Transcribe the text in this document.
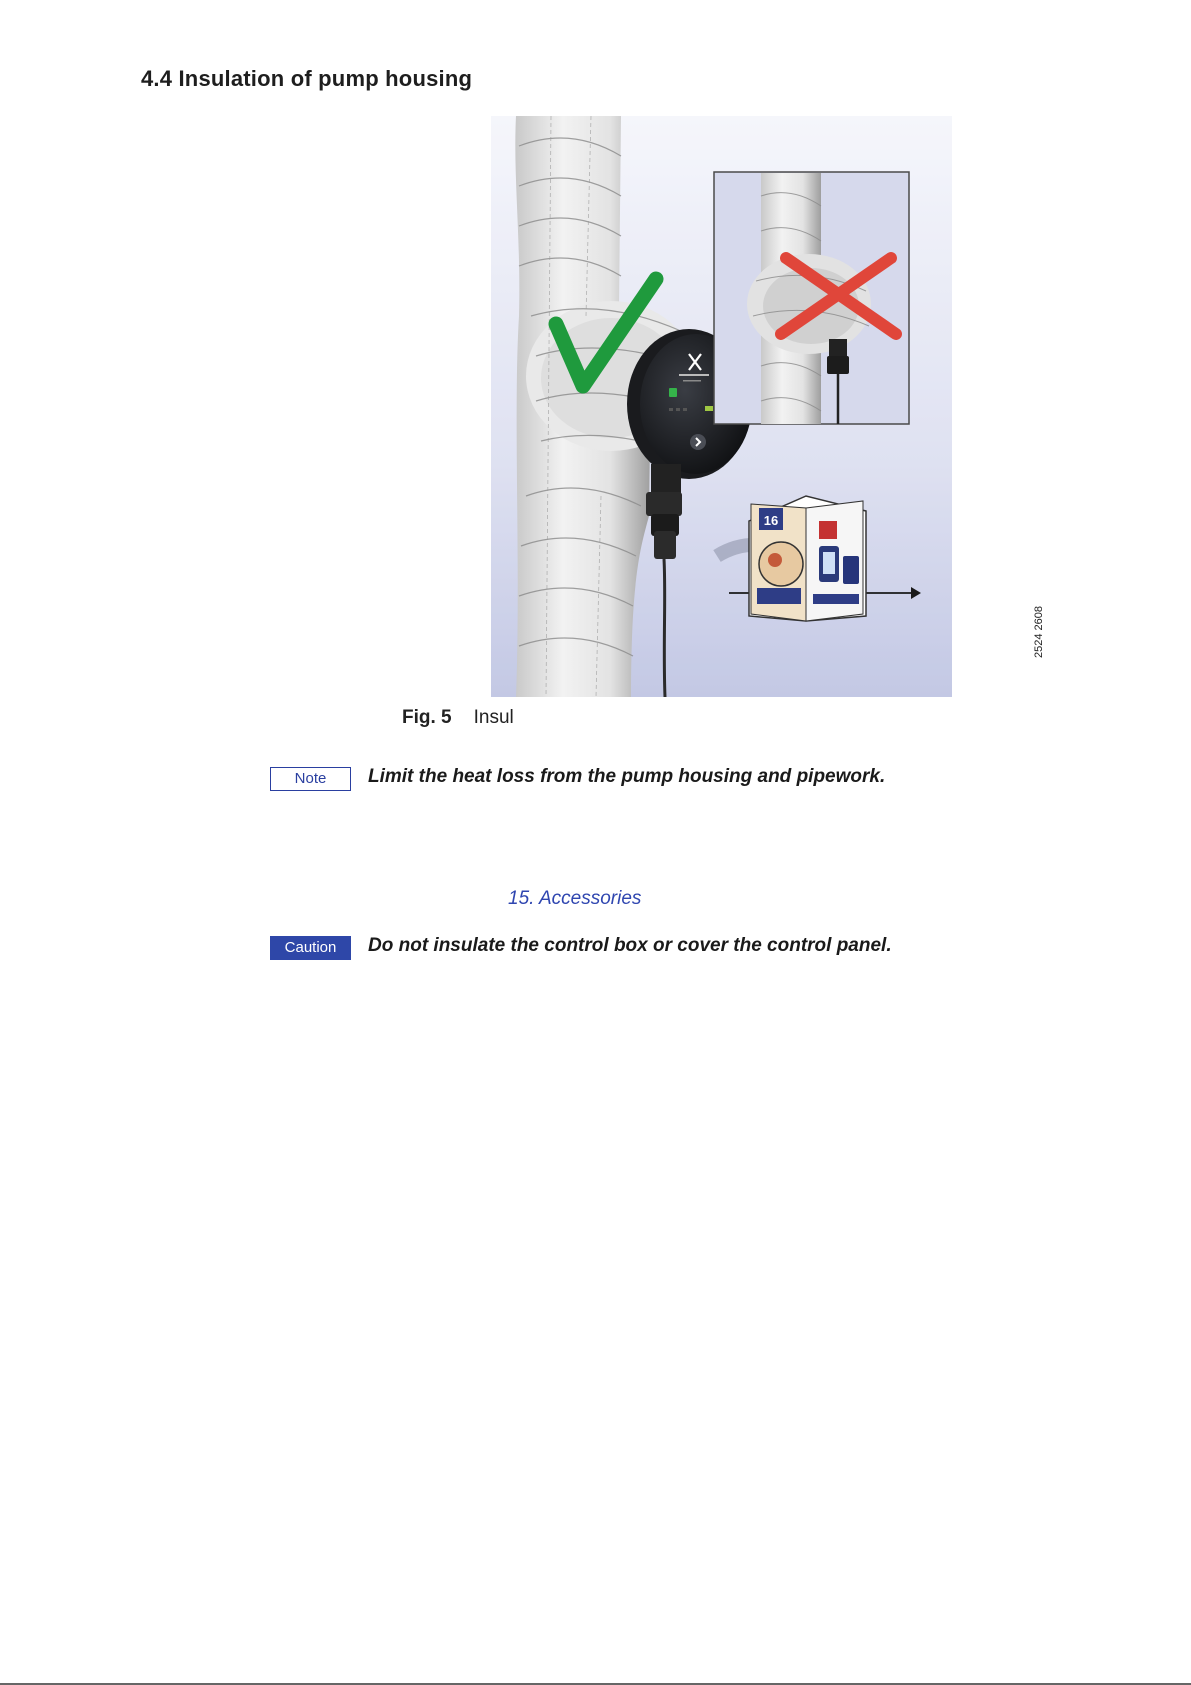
4.4 Insulation of pump housing
16
2524 2608
Fig. 5 Insul
Note	Limit the heat loss from the pump housing and pipework.
15. Accessories
Caution	Do not insulate the control box or cover the control panel.
